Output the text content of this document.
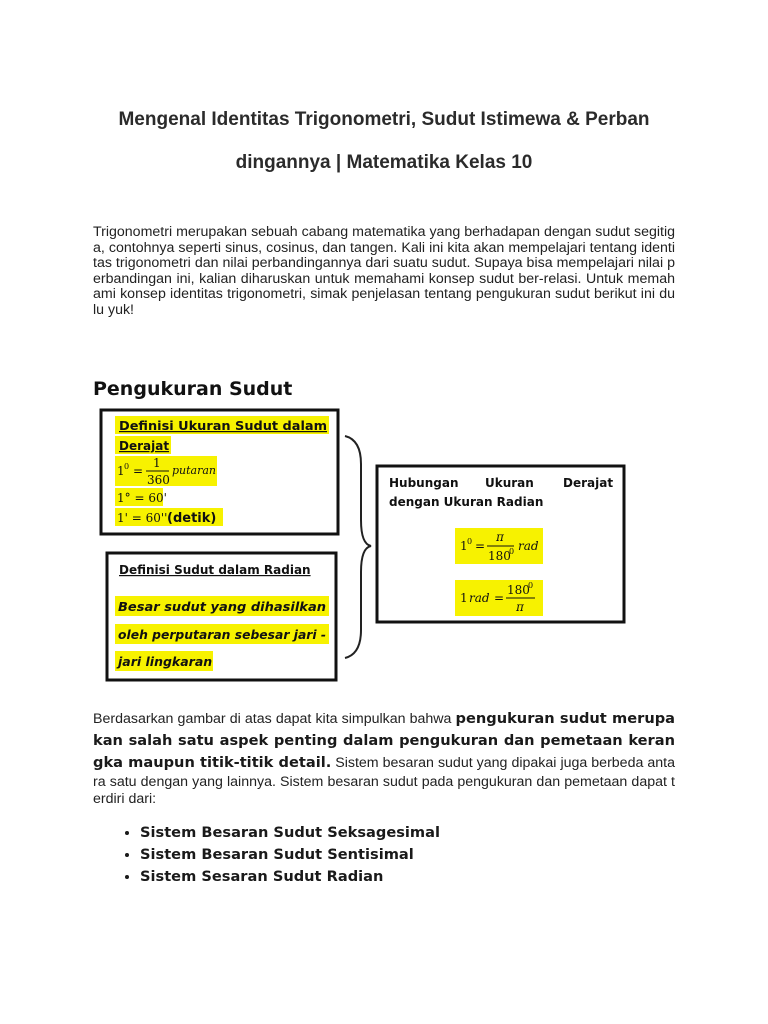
Mengenal Identitas Trigonometri, Sudut Istimewa & Perban
dingannya | Matematika Kelas 10

Trigonometri merupakan sebuah cabang matematika yang berhadapan dengan sudut segitiga, contohnya seperti sinus, cosinus, dan tangen. Kali ini kita akan mempelajari tentang identitas trigonometri dan nilai perbandingannya dari suatu sudut. Supaya bisa mempelajari nilai perbandingan ini, kalian diharuskan untuk memahami konsep sudut ber-relasi. Untuk memahami konsep identitas trigonometri, simak penjelasan tentang pengukuran sudut berikut ini dulu yuk!

Pengukuran Sudut
Definisi Ukuran Sudut dalam
Derajat
1 0 =
1
360
putaran
1° = 60'
1' = 60'' (detik)
Definisi Sudut dalam Radian
Besar sudut yang dihasilkan
oleh perputaran sebesar jari -
jari lingkaran
Hubungan Ukuran Derajat
dengan Ukuran Radian
1 0 =
π
180
0 rad
1 rad =
180
0
π

Berdasarkan gambar di atas dapat kita simpulkan bahwa pengukuran sudut merupakan salah satu aspek penting dalam pengukuran dan pemetaan kerangka maupun titik-titik detail. Sistem besaran sudut yang dipakai juga berbeda antara satu dengan yang lainnya. Sistem besaran sudut pada pengukuran dan pemetaan dapat terdiri dari:

• Sistem Besaran Sudut Seksagesimal
• Sistem Besaran Sudut Sentisimal
• Sistem Sesaran Sudut Radian
